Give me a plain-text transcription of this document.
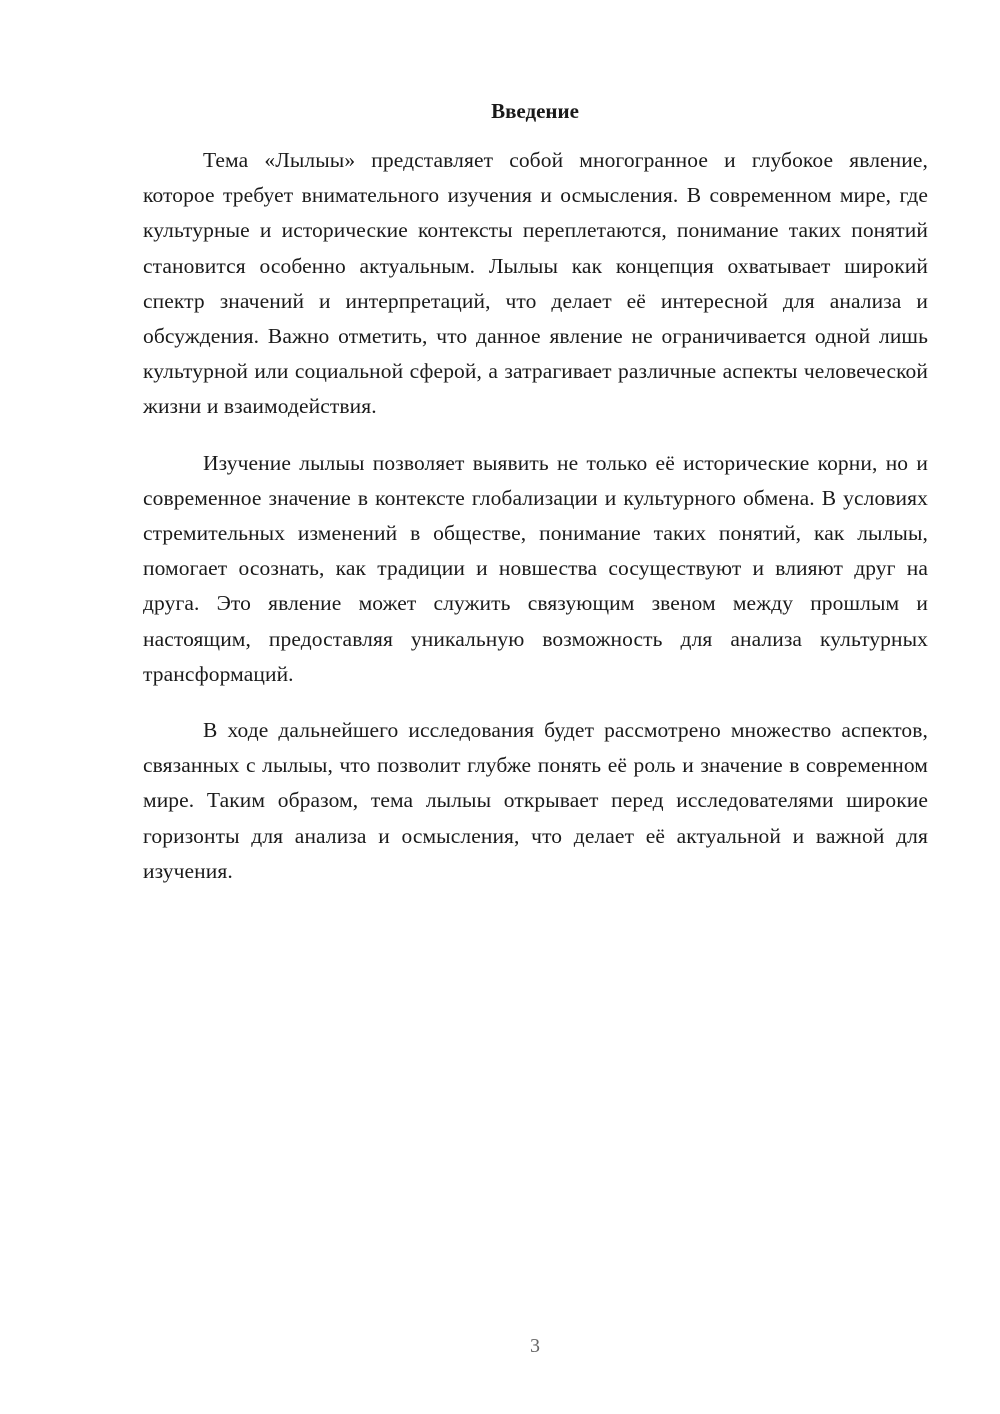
Введение

Тема «Лылыы» представляет собой многогранное и глубокое явление, которое требует внимательного изучения и осмысления. В современном мире, где культурные и исторические контексты переплетаются, понимание таких понятий становится особенно актуальным. Лылыы как концепция охватывает широкий спектр значений и интерпретаций, что делает её интересной для анализа и обсуждения. Важно отметить, что данное явление не ограничивается одной лишь культурной или социальной сферой, а затрагивает различные аспекты человеческой жизни и взаимодействия.

Изучение лылыы позволяет выявить не только её исторические корни, но и современное значение в контексте глобализации и культурного обмена. В условиях стремительных изменений в обществе, понимание таких понятий, как лылыы, помогает осознать, как традиции и новшества сосуществуют и влияют друг на друга. Это явление может служить связующим звеном между прошлым и настоящим, предоставляя уникальную возможность для анализа культурных трансформаций.

В ходе дальнейшего исследования будет рассмотрено множество аспектов, связанных с лылыы, что позволит глубже понять её роль и значение в современном мире. Таким образом, тема лылыы открывает перед исследователями широкие горизонты для анализа и осмысления, что делает её актуальной и важной для изучения.

3
